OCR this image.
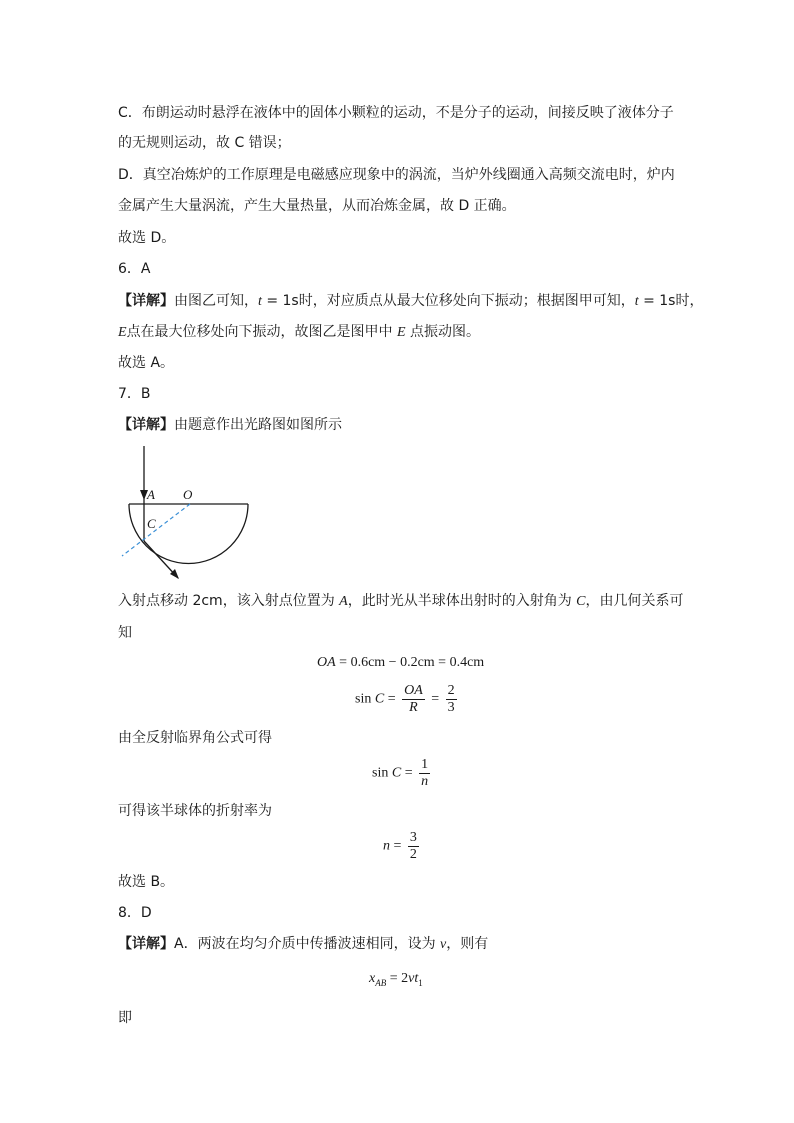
C．布朗运动时悬浮在液体中的固体小颗粒的运动，不是分子的运动，间接反映了液体分子
的无规则运动，故 C 错误；
D．真空冶炼炉的工作原理是电磁感应现象中的涡流，当炉外线圈通入高频交流电时，炉内
金属产生大量涡流，产生大量热量，从而冶炼金属，故 D 正确。
故选 D。
6．A
【详解】由图乙可知，t = 1s时，对应质点从最大位移处向下振动；根据图甲可知，t = 1s时，
E点在最大位移处向下振动，故图乙是图甲中 E 点振动图。
故选 A。
7．B
【详解】由题意作出光路图如图所示
A O
C
入射点移动 2cm，该入射点位置为 A，此时光从半球体出射时的入射角为 C，由几何关系可
知
OA = 0.6cm − 0.2cm = 0.4cm
$\sin C = \frac{OA}{R} = \frac{2}{3}$
由全反射临界角公式可得
$\sin C = \frac{1}{n}$
可得该半球体的折射率为
$n = \frac{3}{2}$
故选 B。
8．D
【详解】A．两波在均匀介质中传播波速相同，设为 v，则有
$x_{AB} = 2vt_1$
即
